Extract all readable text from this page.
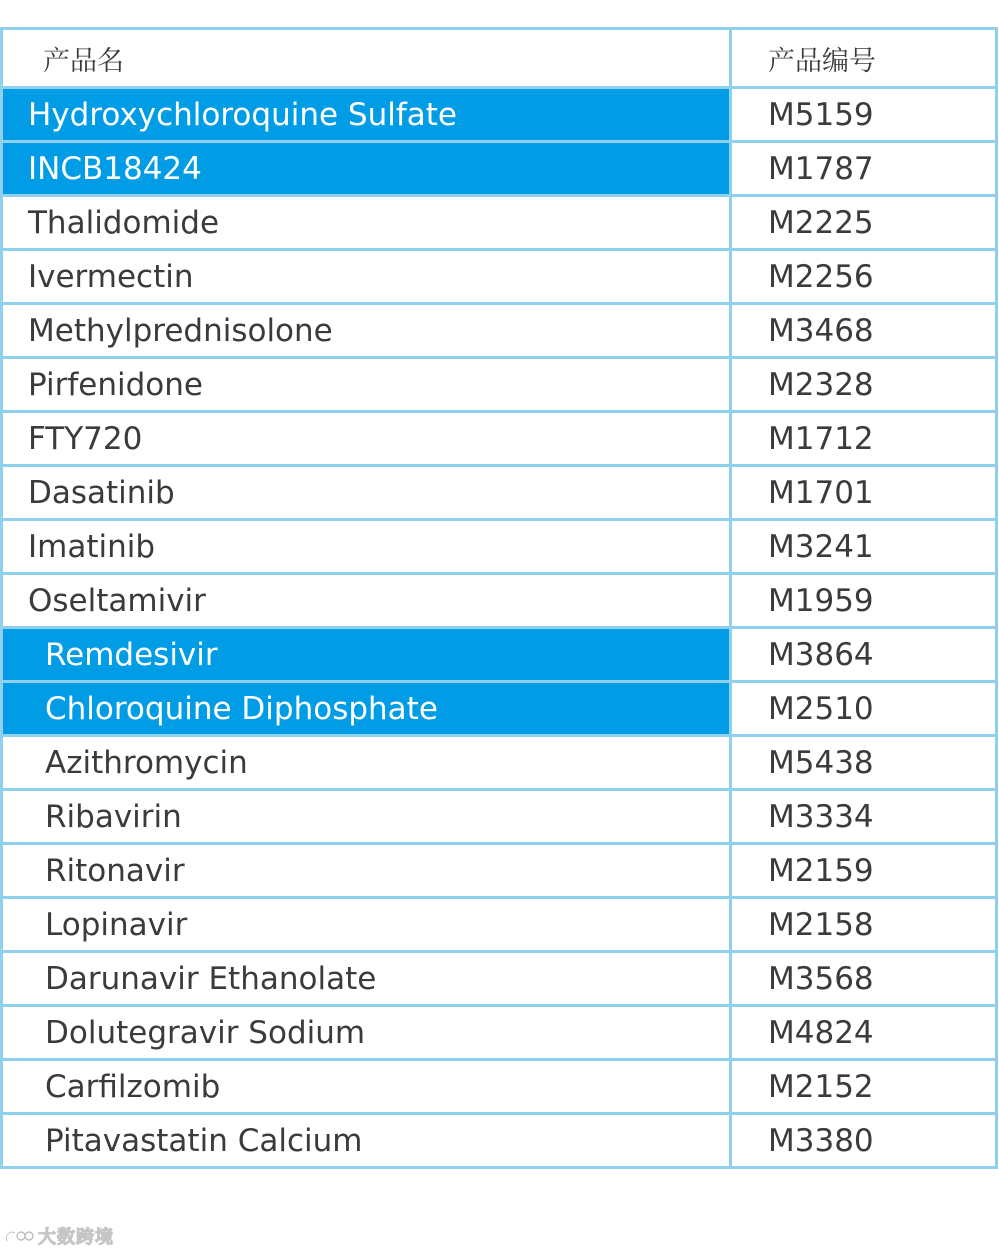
产品名	产品编号
Hydroxychloroquine Sulfate	M5159
INCB18424	M1787
Thalidomide	M2225
Ivermectin	M2256
Methylprednisolone	M3468
Pirfenidone	M2328
FTY720	M1712
Dasatinib	M1701
Imatinib	M3241
Oseltamivir	M1959
Remdesivir	M3864
Chloroquine Diphosphate	M2510
Azithromycin	M5438
Ribavirin	M3334
Ritonavir	M2159
Lopinavir	M2158
Darunavir Ethanolate	M3568
Dolutegravir Sodium	M4824
Carfilzomib	M2152
Pitavastatin Calcium	M3380
大数跨境
